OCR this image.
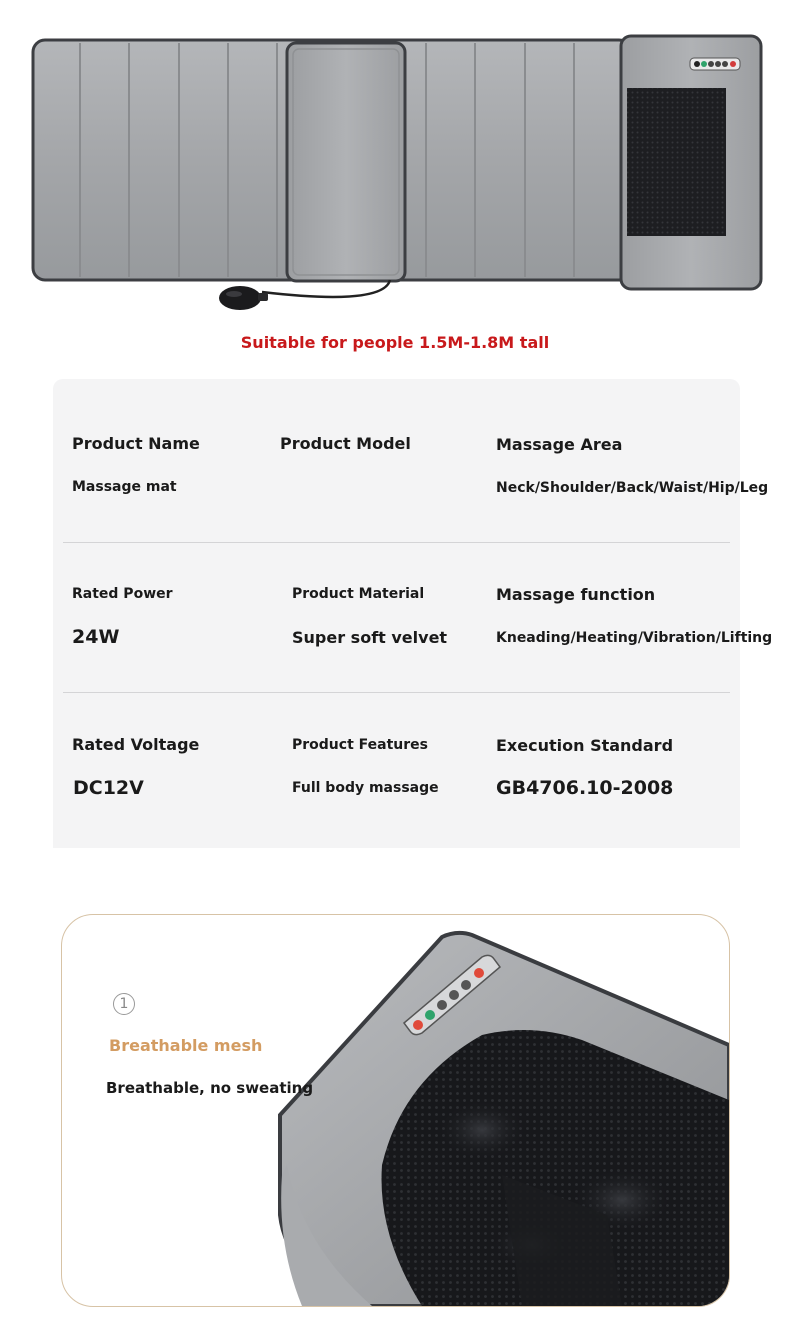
Suitable for people 1.5M-1.8M tall
Product Name
Massage mat
Product Model	Massage Area
Neck/Shoulder/Back/Waist/Hip/Leg
Rated Power
24W
Product Material
Super soft velvet
Massage function
Kneading/Heating/Vibration/Lifting
Rated Voltage
DC12V
Product Features
Full body massage
Execution Standard
GB4706.10-2008
1
Breathable mesh
Breathable, no sweating
